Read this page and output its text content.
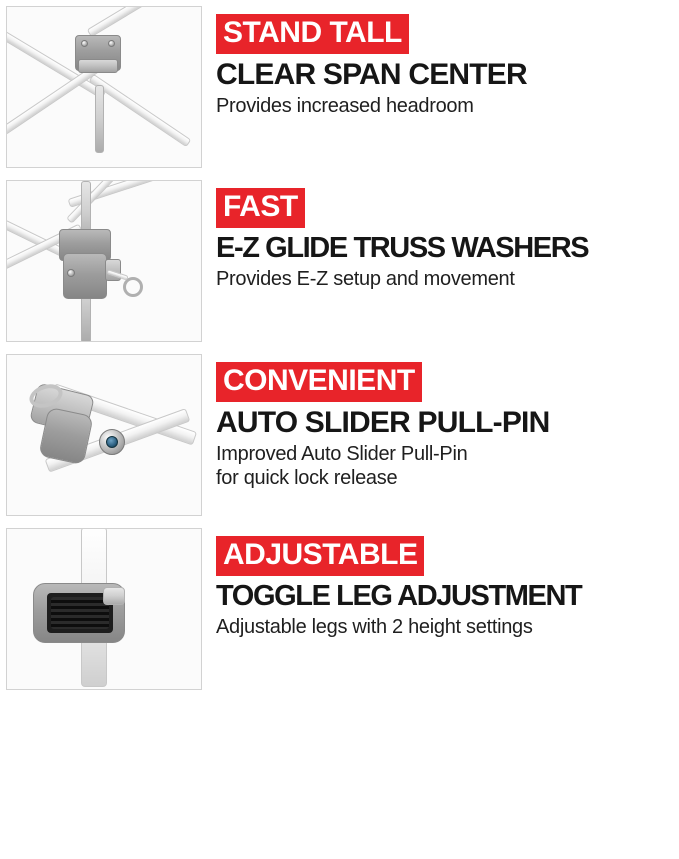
STAND TALL
CLEAR SPAN CENTER
Provides increased headroom
FAST
E-Z GLIDE TRUSS WASHERS
Provides E-Z setup and movement
CONVENIENT
AUTO SLIDER PULL-PIN
Improved Auto Slider Pull-Pin
for quick lock release
ADJUSTABLE
TOGGLE LEG ADJUSTMENT
Adjustable legs with 2 height settings
